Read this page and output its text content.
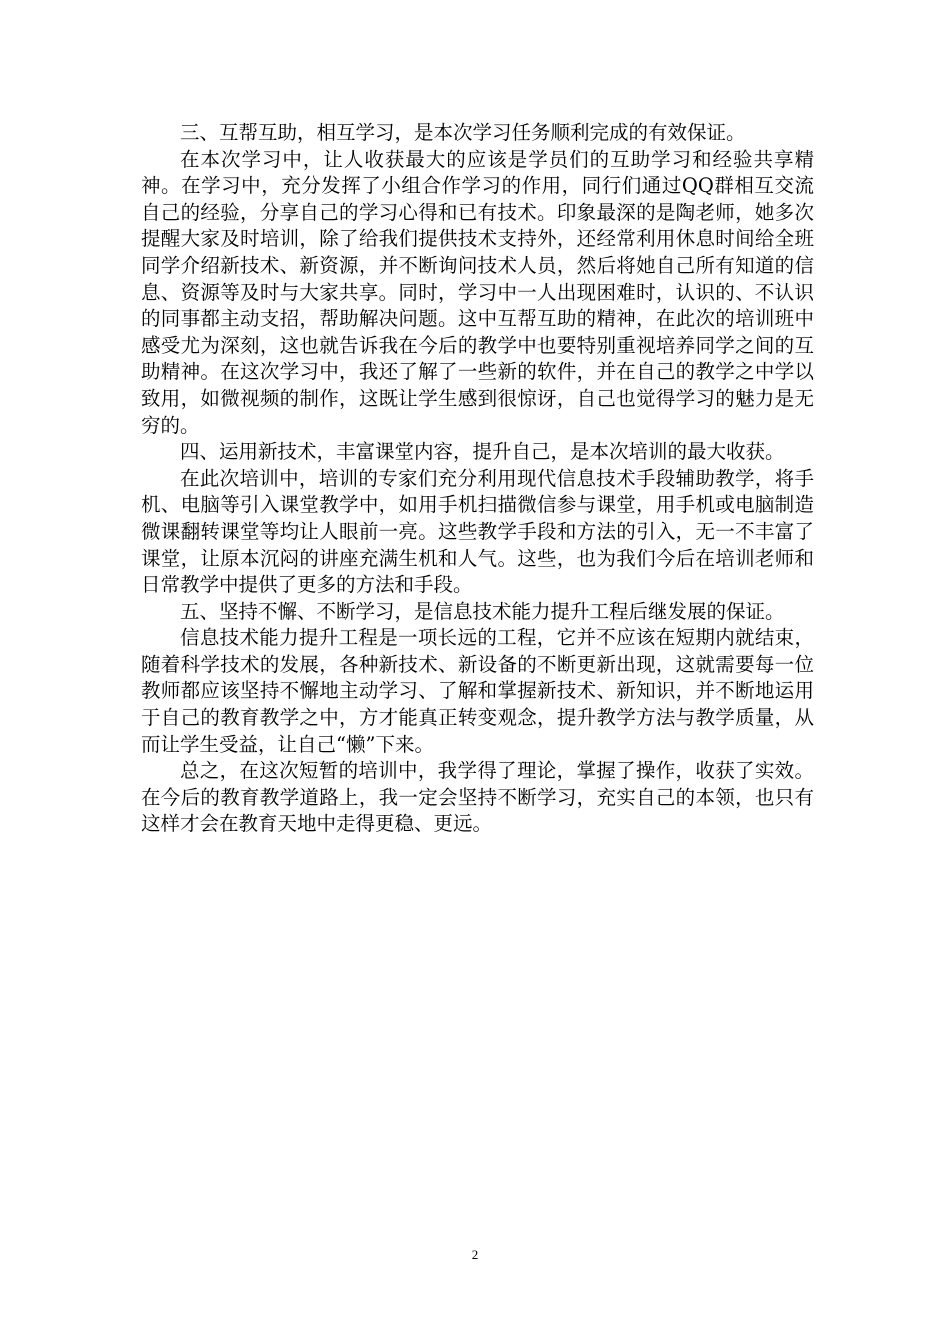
三、互帮互助，相互学习，是本次学习任务顺利完成的有效保证。

在本次学习中，让人收获最大的应该是学员们的互助学习和经验共享精神。在学习中，充分发挥了小组合作学习的作用，同行们通过QQ群相互交流自己的经验，分享自己的学习心得和已有技术。印象最深的是陶老师，她多次提醒大家及时培训，除了给我们提供技术支持外，还经常利用休息时间给全班同学介绍新技术、新资源，并不断询问技术人员，然后将她自己所有知道的信息、资源等及时与大家共享。同时，学习中一人出现困难时，认识的、不认识的同事都主动支招，帮助解决问题。这中互帮互助的精神，在此次的培训班中感受尤为深刻，这也就告诉我在今后的教学中也要特别重视培养同学之间的互助精神。在这次学习中，我还了解了一些新的软件，并在自己的教学之中学以致用，如微视频的制作，这既让学生感到很惊讶，自己也觉得学习的魅力是无穷的。

四、运用新技术，丰富课堂内容，提升自己，是本次培训的最大收获。

在此次培训中，培训的专家们充分利用现代信息技术手段辅助教学，将手机、电脑等引入课堂教学中，如用手机扫描微信参与课堂，用手机或电脑制造微课翻转课堂等均让人眼前一亮。这些教学手段和方法的引入，无一不丰富了课堂，让原本沉闷的讲座充满生机和人气。这些，也为我们今后在培训老师和日常教学中提供了更多的方法和手段。

五、坚持不懈、不断学习，是信息技术能力提升工程后继发展的保证。

信息技术能力提升工程是一项长远的工程，它并不应该在短期内就结束，随着科学技术的发展，各种新技术、新设备的不断更新出现，这就需要每一位教师都应该坚持不懈地主动学习、了解和掌握新技术、新知识，并不断地运用于自己的教育教学之中，方才能真正转变观念，提升教学方法与教学质量，从而让学生受益，让自己“懒”下来。

总之，在这次短暂的培训中，我学得了理论，掌握了操作，收获了实效。在今后的教育教学道路上，我一定会坚持不断学习，充实自己的本领，也只有这样才会在教育天地中走得更稳、更远。

2
